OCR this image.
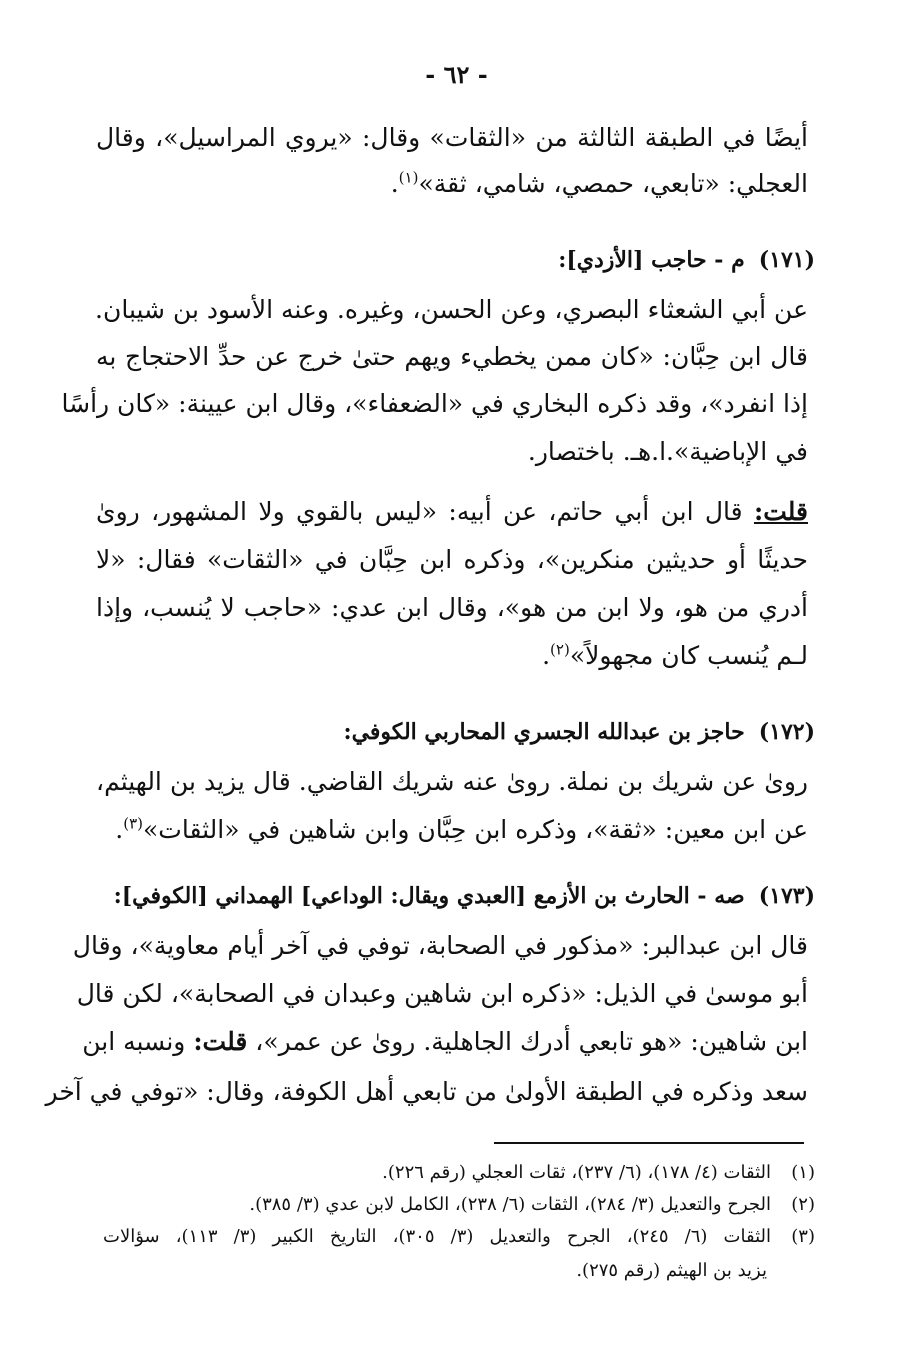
- ٦٢ -
أيضًا في الطبقة الثالثة من «الثقات» وقال: «يروي المراسيل»، وقال
العجلي: «تابعي، حمصي، شامي، ثقة»$^{(١)}$.
(١٧١)م - حاجب [الأزدي]:
عن أبي الشعثاء البصري، وعن الحسن، وغيره. وعنه الأسود بن شيبان.
قال ابن حِبَّان: «كان ممن يخطيء ويهم حتىٰ خرج عن حدِّ الاحتجاج به
إذا انفرد»، وقد ذكره البخاري في «الضعفاء»، وقال ابن عيينة: «كان رأسًا
في الإباضية».ا.هـ. باختصار.
قلت: قال ابن أبي حاتم، عن أبيه: «ليس بالقوي ولا المشهور، روىٰ
حديثًا أو حديثين منكرين»، وذكره ابن حِبَّان في «الثقات» فقال: «لا
أدري من هو، ولا ابن من هو»، وقال ابن عدي: «حاجب لا يُنسب، وإذا
لـم يُنسب كان مجهولاً»$^{(٢)}$.
(١٧٢)حاجز بن عبدالله الجسري المحاربي الكوفي:
روىٰ عن شريك بن نملة. روىٰ عنه شريك القاضي. قال يزيد بن الهيثم،
عن ابن معين: «ثقة»، وذكره ابن حِبَّان وابن شاهين في «الثقات»$^{(٣)}$.
(١٧٣)صه - الحارث بن الأزمع [العبدي ويقال: الوداعي] الهمداني [الكوفي]:
قال ابن عبدالبر: «مذكور في الصحابة، توفي في آخر أيام معاوية»، وقال
أبو موسىٰ في الذيل: «ذكره ابن شاهين وعبدان في الصحابة»، لكن قال
ابن شاهين: «هو تابعي أدرك الجاهلية. روىٰ عن عمر»، قلت: ونسبه ابن
سعد وذكره في الطبقة الأولىٰ من تابعي أهل الكوفة، وقال: «توفي في آخر
(١)الثقات (٤/ ١٧٨)، (٦/ ٢٣٧)، ثقات العجلي (رقم ٢٢٦).
(٢)الجرح والتعديل (٣/ ٢٨٤)، الثقات (٦/ ٢٣٨)، الكامل لابن عدي (٣/ ٣٨٥).
(٣)الثقات (٦/ ٢٤٥)، الجرح والتعديل (٣/ ٣٠٥)، التاريخ الكبير (٣/ ١١٣)، سؤالات
يزيد بن الهيثم (رقم ٢٧٥).
